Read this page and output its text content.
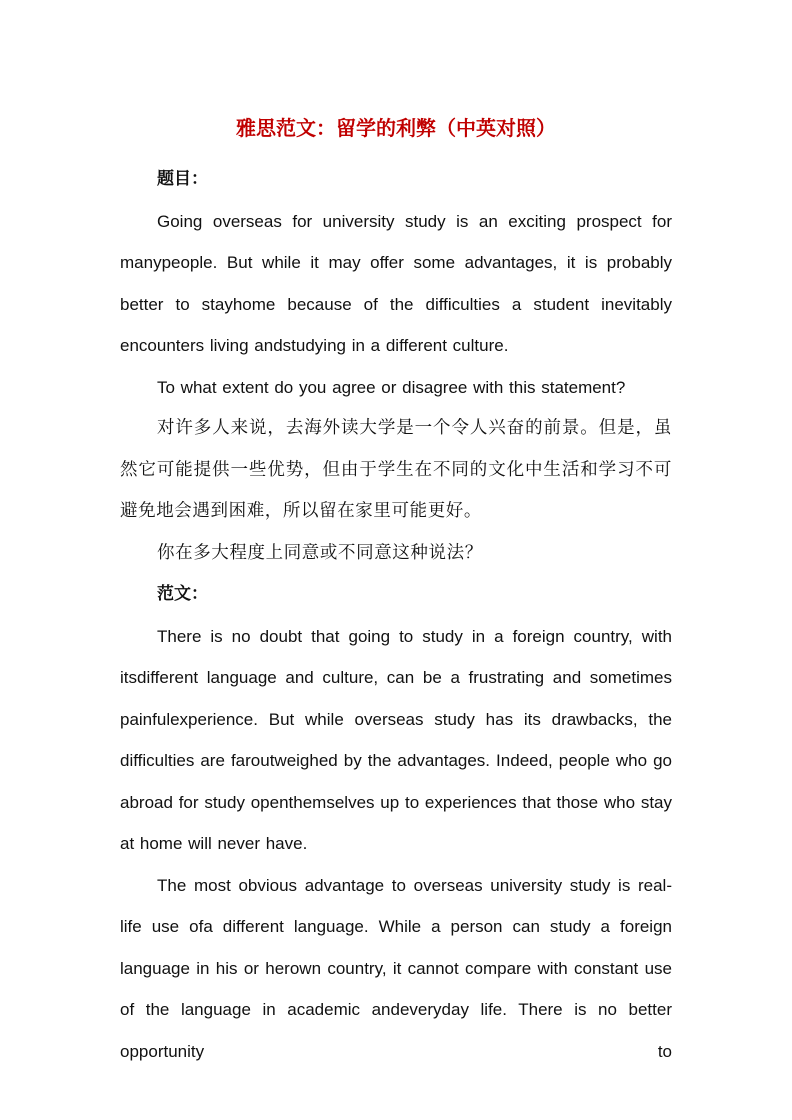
雅思范文：留学的利弊（中英对照）

题目：

Going overseas for university study is an exciting prospect for manypeople. But while it may offer some advantages, it is probably better to stayhome because of the difficulties a student inevitably encounters living andstudying in a different culture.

To what extent do you agree or disagree with this statement?

对许多人来说，去海外读大学是一个令人兴奋的前景。但是，虽然它可能提供一些优势，但由于学生在不同的文化中生活和学习不可避免地会遇到困难，所以留在家里可能更好。

你在多大程度上同意或不同意这种说法？

范文：

There is no doubt that going to study in a foreign country, with itsdifferent language and culture, can be a frustrating and sometimes painfulexperience. But while overseas study has its drawbacks, the difficulties are faroutweighed by the advantages. Indeed, people who go abroad for study openthemselves up to experiences that those who stay at home will never have.

The most obvious advantage to overseas university study is real-life use ofa different language. While a person can study a foreign language in his or herown country, it cannot compare with constant use of the language in academic andeveryday life. There is no better opportunity to
